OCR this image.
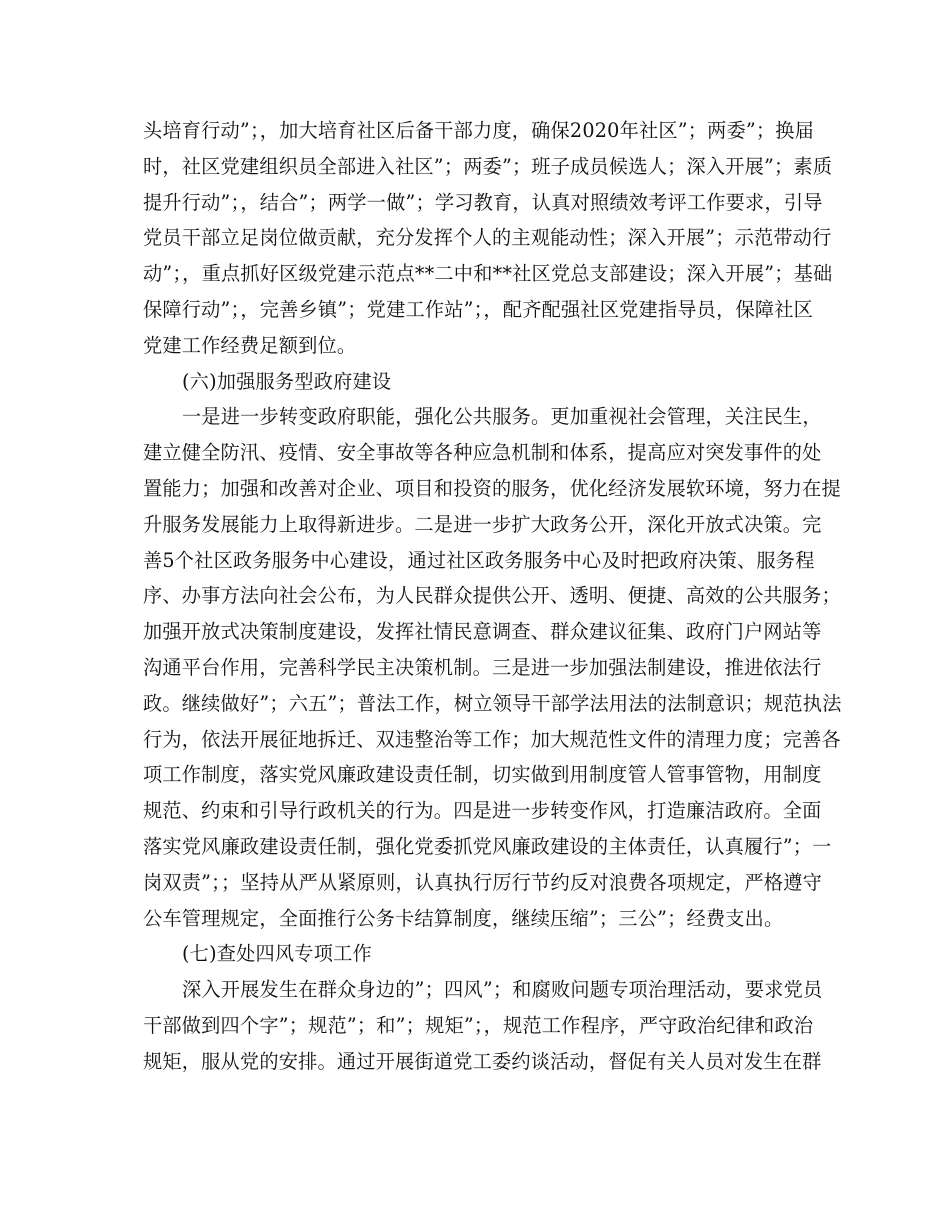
头培育行动”；，加大培育社区后备干部力度，确保2020年社区”；两委”；换届
时，社区党建组织员全部进入社区”；两委”；班子成员候选人；深入开展”；素质
提升行动”；，结合”；两学一做”；学习教育，认真对照绩效考评工作要求，引导
党员干部立足岗位做贡献，充分发挥个人的主观能动性；深入开展”；示范带动行
动”；，重点抓好区级党建示范点**二中和**社区党总支部建设；深入开展”；基础
保障行动”；，完善乡镇”；党建工作站”；，配齐配强社区党建指导员，保障社区
党建工作经费足额到位。
(六)加强服务型政府建设
一是进一步转变政府职能，强化公共服务。更加重视社会管理，关注民生，
建立健全防汛、疫情、安全事故等各种应急机制和体系，提高应对突发事件的处
置能力；加强和改善对企业、项目和投资的服务，优化经济发展软环境，努力在提
升服务发展能力上取得新进步。二是进一步扩大政务公开，深化开放式决策。完
善5个社区政务服务中心建设，通过社区政务服务中心及时把政府决策、服务程
序、办事方法向社会公布，为人民群众提供公开、透明、便捷、高效的公共服务；
加强开放式决策制度建设，发挥社情民意调查、群众建议征集、政府门户网站等
沟通平台作用，完善科学民主决策机制。三是进一步加强法制建设，推进依法行
政。继续做好”；六五”；普法工作，树立领导干部学法用法的法制意识；规范执法
行为，依法开展征地拆迁、双违整治等工作；加大规范性文件的清理力度；完善各
项工作制度，落实党风廉政建设责任制，切实做到用制度管人管事管物，用制度
规范、约束和引导行政机关的行为。四是进一步转变作风，打造廉洁政府。全面
落实党风廉政建设责任制，强化党委抓党风廉政建设的主体责任，认真履行”；一
岗双责”；；坚持从严从紧原则，认真执行厉行节约反对浪费各项规定，严格遵守
公车管理规定，全面推行公务卡结算制度，继续压缩”；三公”；经费支出。
(七)查处四风专项工作
深入开展发生在群众身边的”；四风”；和腐败问题专项治理活动，要求党员
干部做到四个字”；规范”；和”；规矩”；，规范工作程序，严守政治纪律和政治
规矩，服从党的安排。通过开展街道党工委约谈活动，督促有关人员对发生在群
